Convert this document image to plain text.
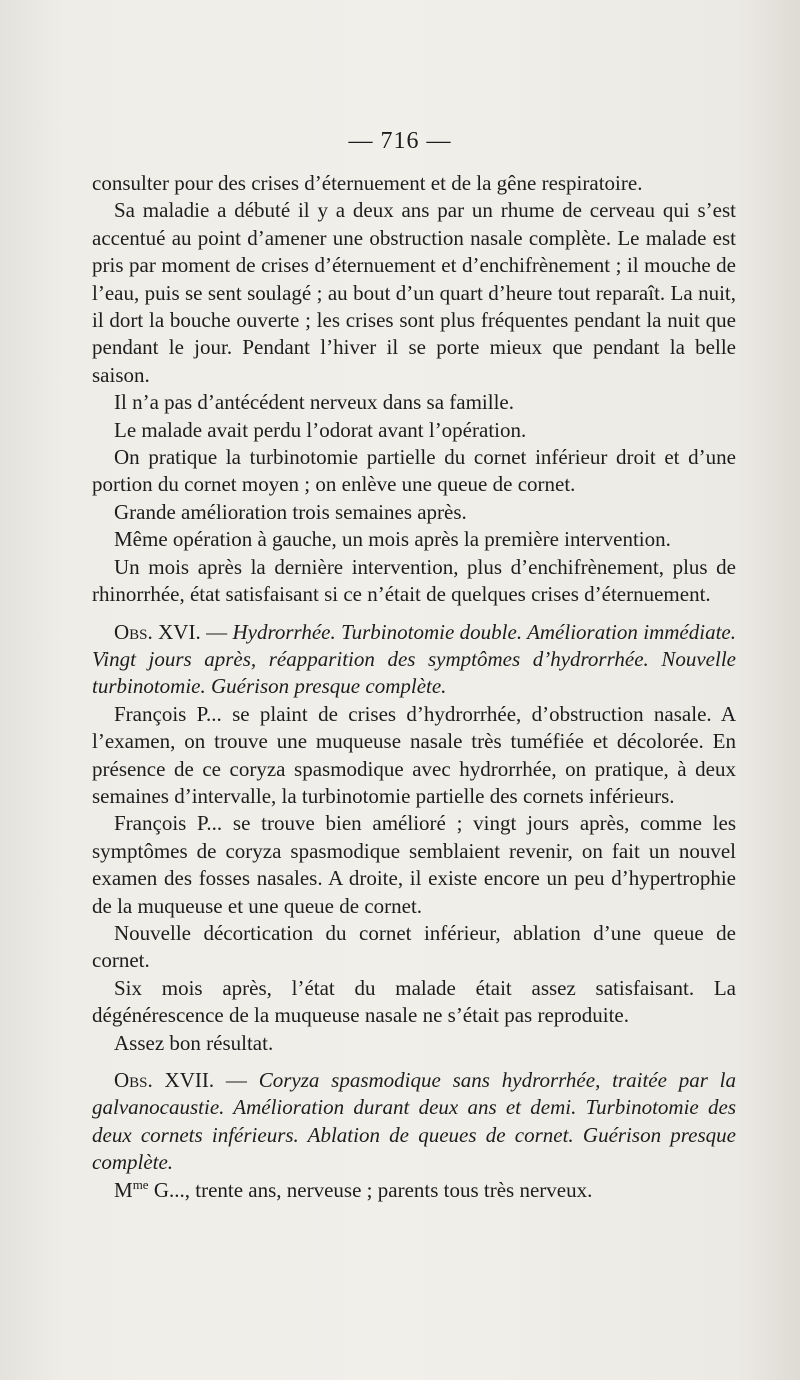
— 716 —

consulter pour des crises d’éternuement et de la gêne respiratoire.

Sa maladie a débuté il y a deux ans par un rhume de cerveau qui s’est accentué au point d’amener une obstruction nasale complète. Le malade est pris par moment de crises d’éternuement et d’enchifrènement ; il mouche de l’eau, puis se sent soulagé ; au bout d’un quart d’heure tout reparaît. La nuit, il dort la bouche ouverte ; les crises sont plus fréquentes pendant la nuit que pendant le jour. Pendant l’hiver il se porte mieux que pendant la belle saison.

Il n’a pas d’antécédent nerveux dans sa famille.

Le malade avait perdu l’odorat avant l’opération.

On pratique la turbinotomie partielle du cornet inférieur droit et d’une portion du cornet moyen ; on enlève une queue de cornet.

Grande amélioration trois semaines après.

Même opération à gauche, un mois après la première intervention.

Un mois après la dernière intervention, plus d’enchifrènement, plus de rhinorrhée, état satisfaisant si ce n’était de quelques crises d’éternuement.

Obs. XVI. — Hydrorrhée. Turbinotomie double. Amélioration immédiate. Vingt jours après, réapparition des symptômes d’hydrorrhée. Nouvelle turbinotomie. Guérison presque complète.

François P... se plaint de crises d’hydrorrhée, d’obstruction nasale. A l’examen, on trouve une muqueuse nasale très tuméfiée et décolorée. En présence de ce coryza spasmodique avec hydrorrhée, on pratique, à deux semaines d’intervalle, la turbinotomie partielle des cornets inférieurs.

François P... se trouve bien amélioré ; vingt jours après, comme les symptômes de coryza spasmodique semblaient revenir, on fait un nouvel examen des fosses nasales. A droite, il existe encore un peu d’hypertrophie de la muqueuse et une queue de cornet.

Nouvelle décortication du cornet inférieur, ablation d’une queue de cornet.

Six mois après, l’état du malade était assez satisfaisant. La dégénérescence de la muqueuse nasale ne s’était pas reproduite.

Assez bon résultat.

Obs. XVII. — Coryza spasmodique sans hydrorrhée, traitée par la galvanocaustie. Amélioration durant deux ans et demi. Turbinotomie des deux cornets inférieurs. Ablation de queues de cornet. Guérison presque complète.

$M^{me}$ G..., trente ans, nerveuse ; parents tous très nerveux.
